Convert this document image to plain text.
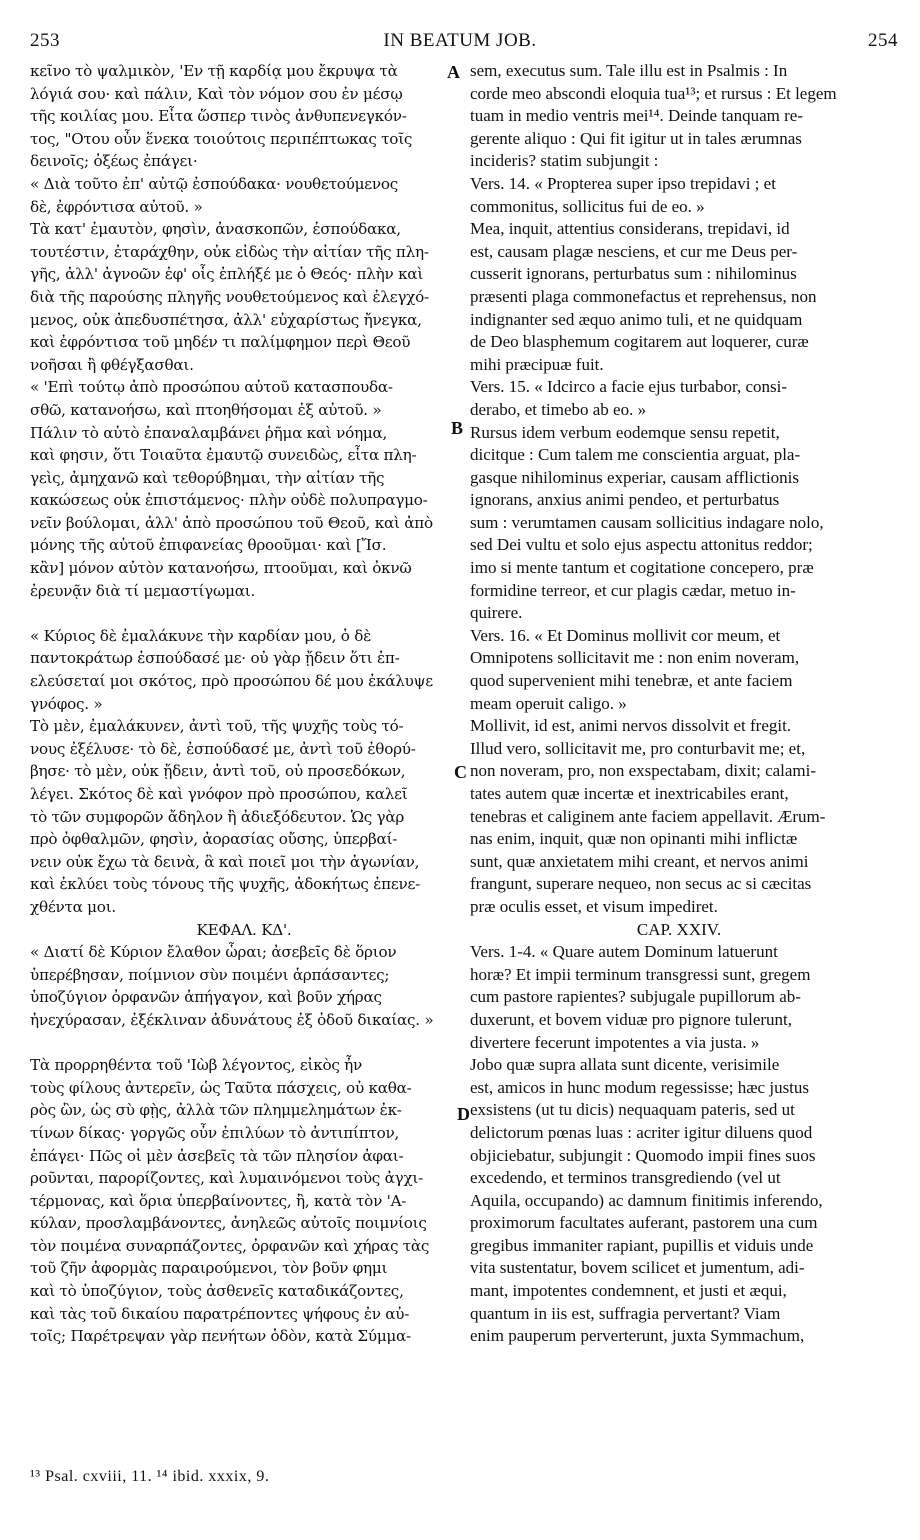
253	IN BEATUM JOB.	254
κεῖνο τὸ ψαλμικὸν, 'Εν τῇ καρδίᾳ μου ἔκρυψα τὰ
λόγιά σου· καὶ πάλιν, Καὶ τὸν νόμον σου ἐν μέσῳ
τῆς κοιλίας μου. Εἶτα ὥσπερ τινὸς ἀνθυπενεγκόν-
τος, "Οτου οὖν ἕνεκα τοιούτοις περιπέπτωκας τοῖς
δεινοῖς; ὀξέως ἐπάγει·
« Διὰ τοῦτο ἐπ' αὐτῷ ἐσπούδακα· νουθετούμενος
δὲ, ἐφρόντισα αὐτοῦ. »
Τὰ κατ' ἐμαυτὸν, φησὶν, ἀνασκοπῶν, ἐσπούδακα,
τουτέστιν, ἐταράχθην, οὐκ εἰδὼς τὴν αἰτίαν τῆς πλη-
γῆς, ἀλλ' ἀγνοῶν ἐφ' οἷς ἐπλήξέ με ὁ Θεός· πλὴν καὶ
διὰ τῆς παρούσης πληγῆς νουθετούμενος καὶ ἐλεγχό-
μενος, οὐκ ἀπεδυσπέτησα, ἀλλ' εὐχαρίστως ἤνεγκα,
καὶ ἐφρόντισα τοῦ μηδέν τι παλίμφημον περὶ Θεοῦ
νοῆσαι ἢ φθέγξασθαι.
« 'Επὶ τούτῳ ἀπὸ προσώπου αὐτοῦ κατασπουδα-
σθῶ, κατανοήσω, καὶ πτοηθήσομαι ἐξ αὐτοῦ. »
Πάλιν τὸ αὐτὸ ἐπαναλαμβάνει ῥῆμα καὶ νόημα,
καὶ φησιν, ὅτι Τοιαῦτα ἐμαυτῷ συνειδὼς, εἶτα πλη-
γεὶς, ἀμηχανῶ καὶ τεθορύβημαι, τὴν αἰτίαν τῆς
κακώσεως οὐκ ἐπιστάμενος· πλὴν οὐδὲ πολυπραγμο-
νεῖν βούλομαι, ἀλλ' ἀπὸ προσώπου τοῦ Θεοῦ, καὶ ἀπὸ
μόνης τῆς αὐτοῦ ἐπιφανείας θροοῦμαι· καὶ [Ἴσ.
κἂν] μόνον αὐτὸν κατανοήσω, πτοοῦμαι, καὶ ὀκνῶ
ἐρευνᾷν διὰ τί μεμαστίγωμαι.
« Κύριος δὲ ἐμαλάκυνε τὴν καρδίαν μου, ὁ δὲ
παντοκράτωρ ἐσπούδασέ με· οὐ γὰρ ᾔδειν ὅτι ἐπ-
ελεύσεταί μοι σκότος, πρὸ προσώπου δέ μου ἐκάλυψε
γνόφος. »
Τὸ μὲν, ἐμαλάκυνεν, ἀντὶ τοῦ, τῆς ψυχῆς τοὺς τό-
νους ἐξέλυσε· τὸ δὲ, ἐσπούδασέ με, ἀντὶ τοῦ ἐθορύ-
βησε· τὸ μὲν, οὐκ ᾔδειν, ἀντὶ τοῦ, οὐ προσεδόκων,
λέγει. Σκότος δὲ καὶ γνόφον πρὸ προσώπου, καλεῖ
τὸ τῶν συμφορῶν ἄδηλον ἢ ἀδιεξόδευτον. Ὡς γὰρ
πρὸ ὀφθαλμῶν, φησὶν, ἀορασίας οὔσης, ὑπερβαί-
νειν οὐκ ἔχω τὰ δεινὰ, ἃ καὶ ποιεῖ μοι τὴν ἀγωνίαν,
καὶ ἐκλύει τοὺς τόνους τῆς ψυχῆς, ἀδοκήτως ἐπενε-
χθέντα μοι.
ΚΕΦΑΛ. ΚΔ'.
« Διατί δὲ Κύριον ἔλαθον ὧραι; ἀσεβεῖς δὲ ὅριον
ὑπερέβησαν, ποίμνιον σὺν ποιμένι ἁρπάσαντες;
ὑποζύγιον ὀρφανῶν ἀπήγαγον, καὶ βοῦν χήρας
ἠνεχύρασαν, ἐξέκλιναν ἀδυνάτους ἐξ ὁδοῦ δικαίας. »
Τὰ προρρηθέντα τοῦ 'Ιὼβ λέγοντος, εἰκὸς ἦν
τοὺς φίλους ἀντερεῖν, ὡς Ταῦτα πάσχεις, οὐ καθα-
ρὸς ὢν, ὡς σὺ φῂς, ἀλλὰ τῶν πλημμελημάτων ἐκ-
τίνων δίκας· γοργῶς οὖν ἐπιλύων τὸ ἀντιπίπτον,
ἐπάγει· Πῶς οἱ μὲν ἀσεβεῖς τὰ τῶν πλησίον ἀφαι-
ροῦνται, παρορίζοντες, καὶ λυμαινόμενοι τοὺς ἀγχι-
τέρμονας, καὶ ὅρια ὑπερβαίνοντες, ἢ, κατὰ τὸν 'Α-
κύλαν, προσλαμβάνοντες, ἀνηλεῶς αὐτοῖς ποιμνίοις
τὸν ποιμένα συναρπάζοντες, ὀρφανῶν καὶ χήρας τὰς
τοῦ ζῆν ἀφορμὰς παραιρούμενοι, τὸν βοῦν φημι
καὶ τὸ ὑποζύγιον, τοὺς ἀσθενεῖς καταδικάζοντες,
καὶ τὰς τοῦ δικαίου παρατρέποντες ψήφους ἐν αὐ-
τοῖς; Παρέτρεψαν γὰρ πενήτων ὁδὸν, κατὰ Σύμμα-
sem, executus sum. Tale illu est in Psalmis : In
corde meo abscondi eloquia tua¹³; et rursus : Et legem
tuam in medio ventris mei¹⁴. Deinde tanquam re-
gerente aliquo : Qui fit igitur ut in tales ærumnas
incideris? statim subjungit :
Vers. 14. « Propterea super ipso trepidavi ; et
commonitus, sollicitus fui de eo. »
Mea, inquit, attentius considerans, trepidavi, id
est, causam plagæ nesciens, et cur me Deus per-
cusserit ignorans, perturbatus sum : nihilominus
præsenti plaga commonefactus et reprehensus, non
indignanter sed æquo animo tuli, et ne quidquam
de Deo blasphemum cogitarem aut loquerer, curæ
mihi præcipuæ fuit.
Vers. 15. « Idcirco a facie ejus turbabor, consi-
derabo, et timebo ab eo. »
Rursus idem verbum eodemque sensu repetit,
dicitque : Cum talem me conscientia arguat, pla-
gasque nihilominus experiar, causam afflictionis
ignorans, anxius animi pendeo, et perturbatus
sum : verumtamen causam sollicitius indagare nolo,
sed Dei vultu et solo ejus aspectu attonitus reddor;
imo si mente tantum et cogitatione concepero, præ
formidine terreor, et cur plagis cædar, metuo in-
quirere.
Vers. 16. « Et Dominus mollivit cor meum, et
Omnipotens sollicitavit me : non enim noveram,
quod supervenient mihi tenebræ, et ante faciem
meam operuit caligo. »
Mollivit, id est, animi nervos dissolvit et fregit.
Illud vero, sollicitavit me, pro conturbavit me; et,
non noveram, pro, non exspectabam, dixit; calami-
tates autem quæ incertæ et inextricabiles erant,
tenebras et caliginem ante faciem appellavit. Ærum-
nas enim, inquit, quæ non opinanti mihi inflictæ
sunt, quæ anxietatem mihi creant, et nervos animi
frangunt, superare nequeo, non secus ac si cæcitas
præ oculis esset, et visum impediret.
CAP. XXIV.
Vers. 1-4. « Quare autem Dominum latuerunt
horæ? Et impii terminum transgressi sunt, gregem
cum pastore rapientes? subjugale pupillorum ab-
duxerunt, et bovem viduæ pro pignore tulerunt,
divertere fecerunt impotentes a via justa. »
Jobo quæ supra allata sunt dicente, verisimile
est, amicos in hunc modum regessisse; hæc justus
exsistens (ut tu dicis) nequaquam pateris, sed ut
delictorum pœnas luas : acriter igitur diluens quod
objiciebatur, subjungit : Quomodo impii fines suos
excedendo, et terminos transgrediendo (vel ut
Aquila, occupando) ac damnum finitimis inferendo,
proximorum facultates auferant, pastorem una cum
gregibus immaniter rapiant, pupillis et viduis unde
vita sustentatur, bovem scilicet et jumentum, adi-
mant, impotentes condemnent, et justi et æqui,
quantum in iis est, suffragia pervertant? Viam
enim pauperum perverterunt, juxta Symmachum,
A
B
C
D
¹³ Psal. cxviii, 11. ¹⁴ ibid. xxxix, 9.
